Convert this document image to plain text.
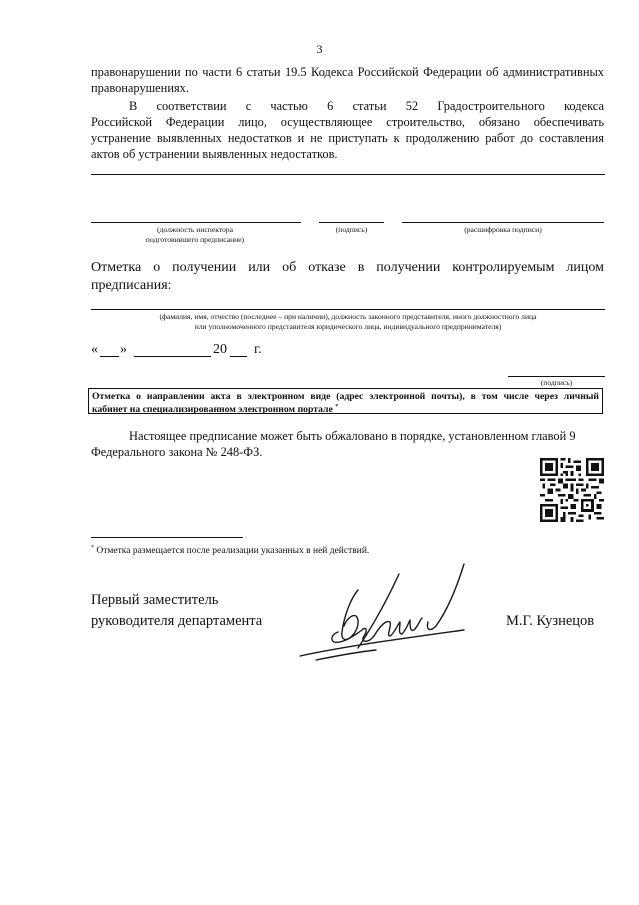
3
правонарушении по части 6 статьи 19.5 Кодекса Российской Федерации об административных
правонарушениях.
В соответствии с частью 6 статьи 52 Градостроительного кодекса
Российской Федерации лицо, осуществляющее строительство, обязано обеспечивать
устранение выявленных недостатков и не приступать к продолжению работ до составления
актов об устранении выявленных недостатков.
(должность инспектора
подготовившего предписание)
(подпись)	(расшифровка подписи)
Отметка о получении или об отказе в получении контролируемым лицом
предписания:
(фамилия, имя, отчество (последнее – при наличии), должность законного представителя, иного должностного лица
или уполномоченного представителя юридического лица, индивидуального предпринимателя)
« »	20 г.
(подпись)
Отметка о направлении акта в электронном виде (адрес электронной почты), в том числе через личный
кабинет на специализированном электронном портале *
Настоящее предписание может быть обжаловано в порядке, установленном главой 9
Федерального закона № 248-ФЗ.
* Отметка размещается после реализации указанных в ней действий.
Первый заместитель
руководителя департамента	М.Г. Кузнецов
